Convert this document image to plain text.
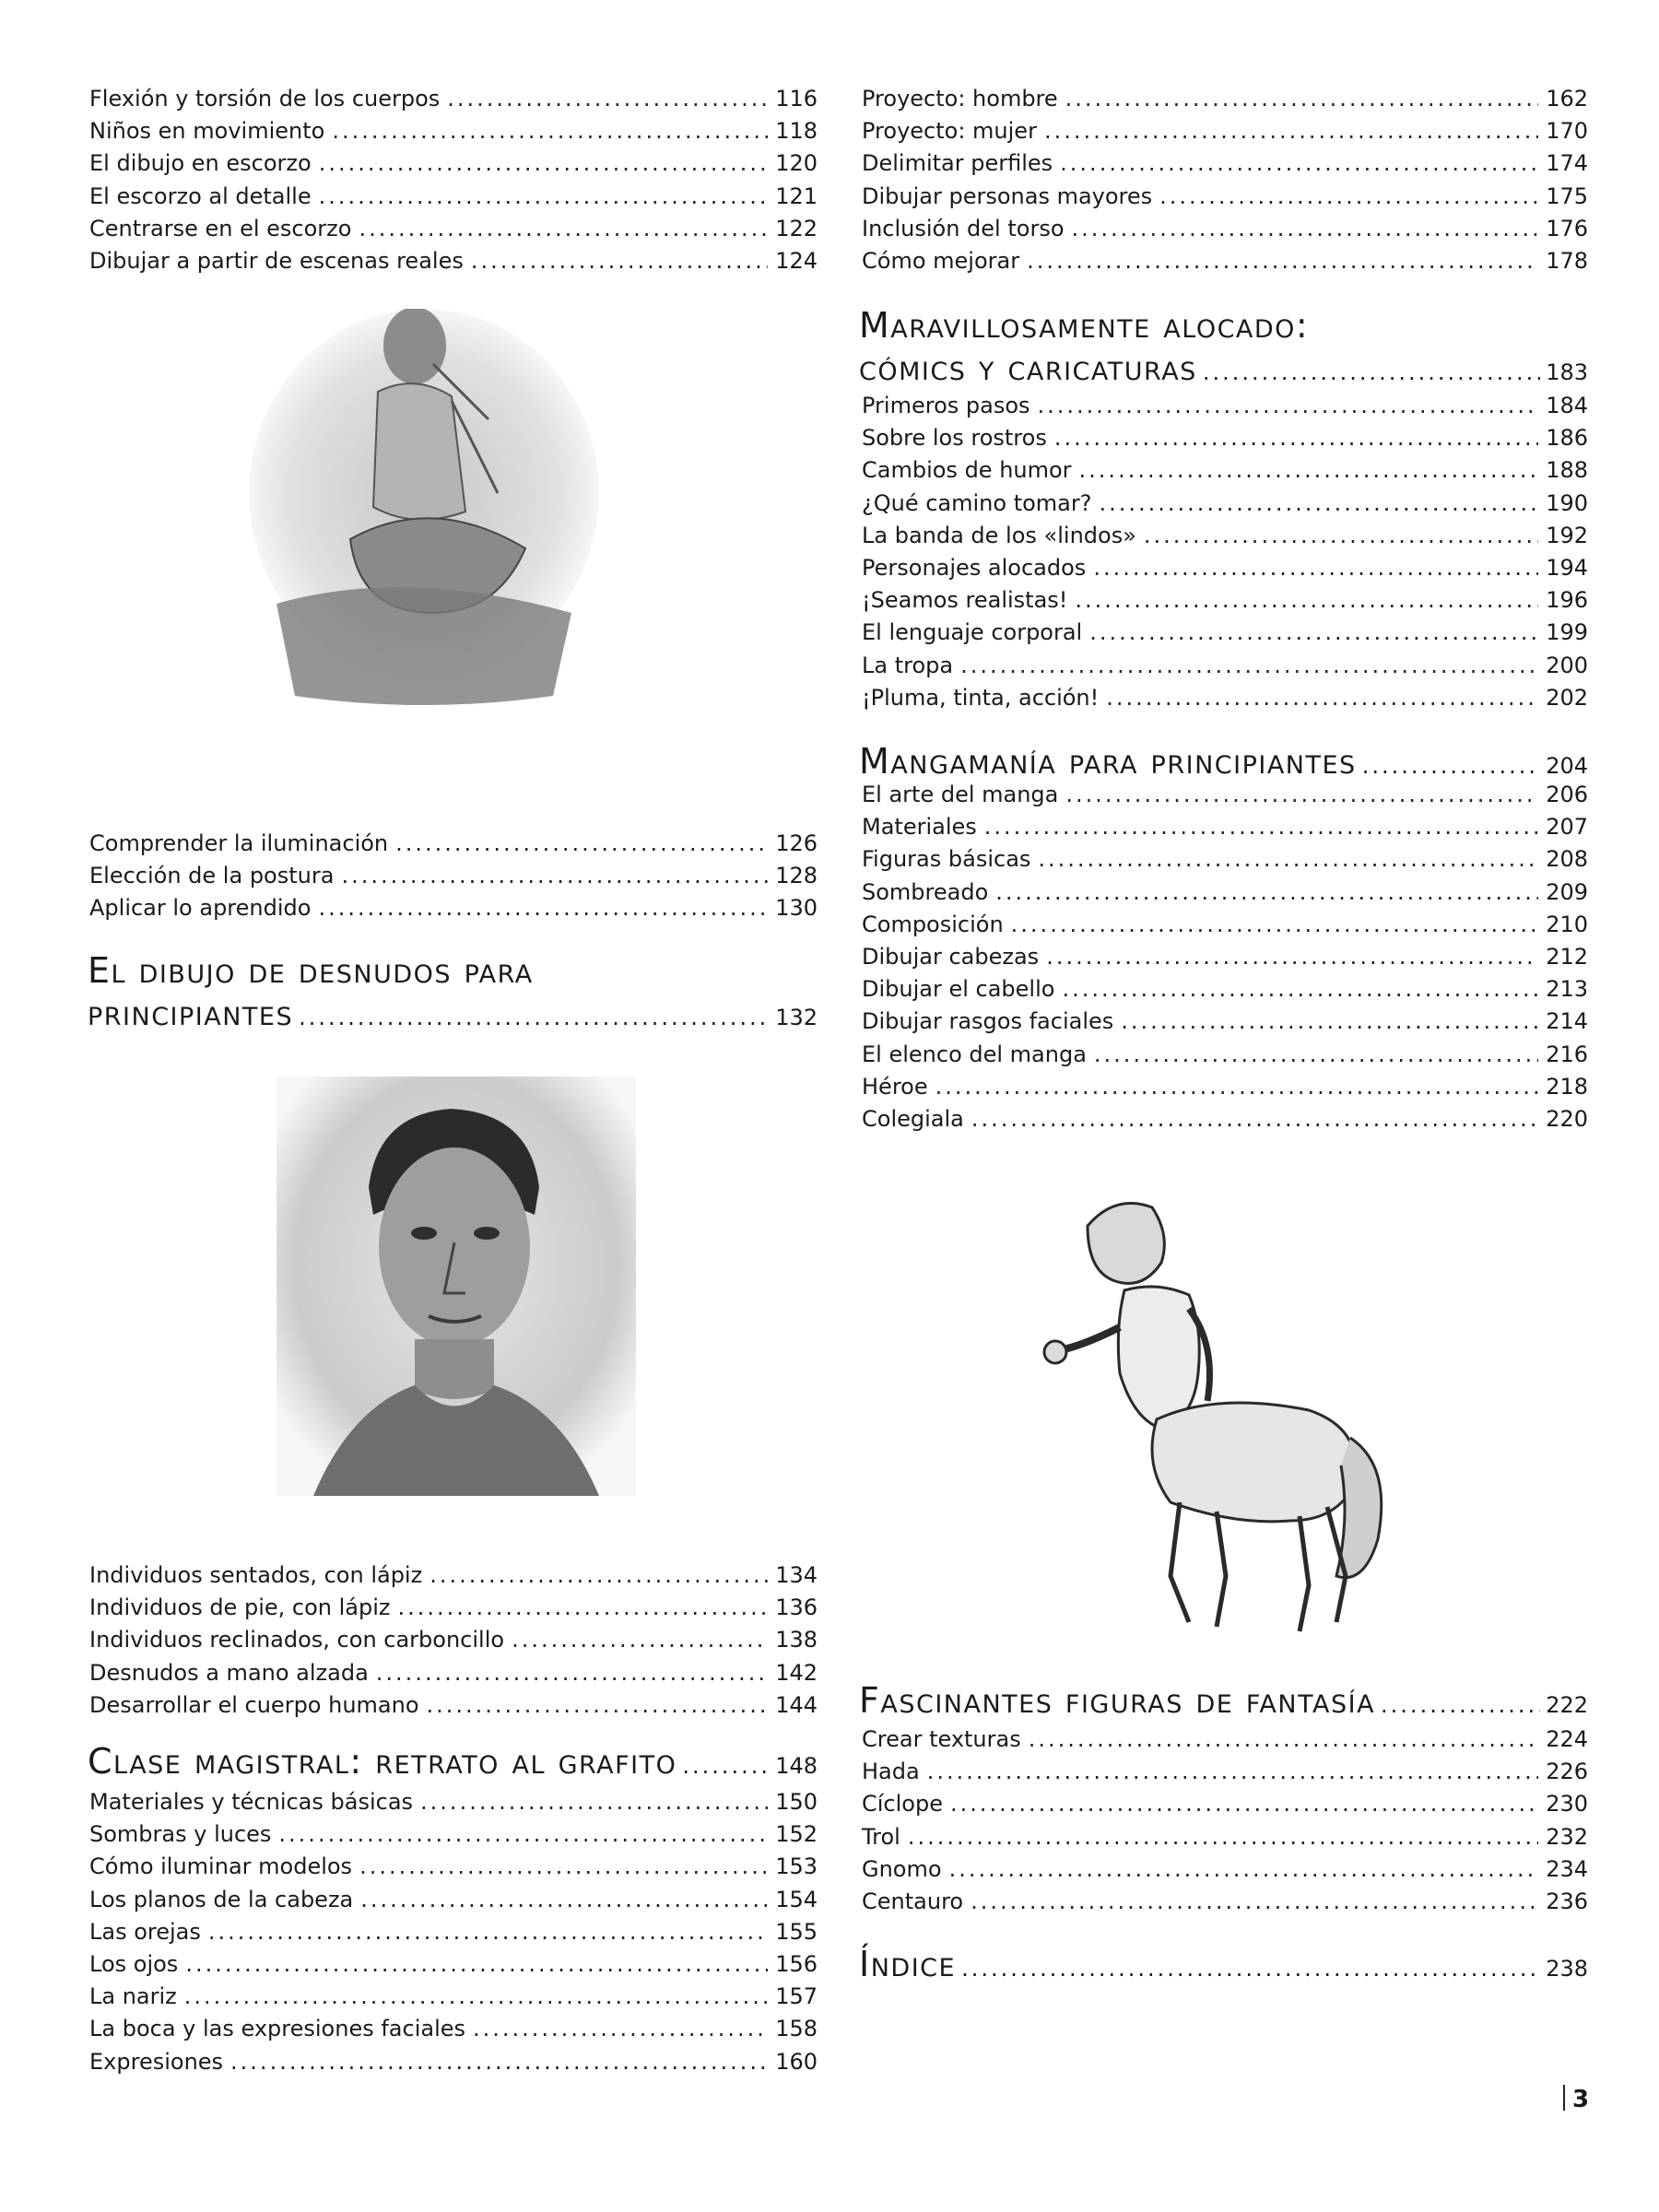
Flexión y torsión de los cuerpos .....	116
Niños en movimiento .....	118
El dibujo en escorzo .....	120
El escorzo al detalle .....	121
Centrarse en el escorzo .....	122
Dibujar a partir de escenas reales .....	124
Comprender la iluminación .....	126
Elección de la postura .....	128
Aplicar lo aprendido .....	130
El dibujo de desnudos para
principiantes .....	132
Individuos sentados, con lápiz .....	134
Individuos de pie, con lápiz .....	136
Individuos reclinados, con carboncillo .....	138
Desnudos a mano alzada .....	142
Desarrollar el cuerpo humano .....	144
Clase magistral: retrato al grafito .....	148
Materiales y técnicas básicas .....	150
Sombras y luces .....	152
Cómo iluminar modelos .....	153
Los planos de la cabeza .....	154
Las orejas .....	155
Los ojos .....	156
La nariz .....	157
La boca y las expresiones faciales .....	158
Expresiones .....	160
Proyecto: hombre .....	162
Proyecto: mujer .....	170
Delimitar perfiles .....	174
Dibujar personas mayores .....	175
Inclusión del torso .....	176
Cómo mejorar .....	178
Maravillosamente alocado:
cómics y caricaturas .....	183
Primeros pasos .....	184
Sobre los rostros .....	186
Cambios de humor .....	188
¿Qué camino tomar? .....	190
La banda de los «lindos» .....	192
Personajes alocados .....	194
¡Seamos realistas! .....	196
El lenguaje corporal .....	199
La tropa .....	200
¡Pluma, tinta, acción! .....	202
Mangamanía para principiantes .....	204
El arte del manga .....	206
Materiales .....	207
Figuras básicas .....	208
Sombreado .....	209
Composición .....	210
Dibujar cabezas .....	212
Dibujar el cabello .....	213
Dibujar rasgos faciales .....	214
El elenco del manga .....	216
Héroe .....	218
Colegiala .....	220
Fascinantes figuras de fantasía .....	222
Crear texturas .....	224
Hada .....	226
Cíclope .....	230
Trol .....	232
Gnomo .....	234
Centauro .....	236
Índice .....	238
3
